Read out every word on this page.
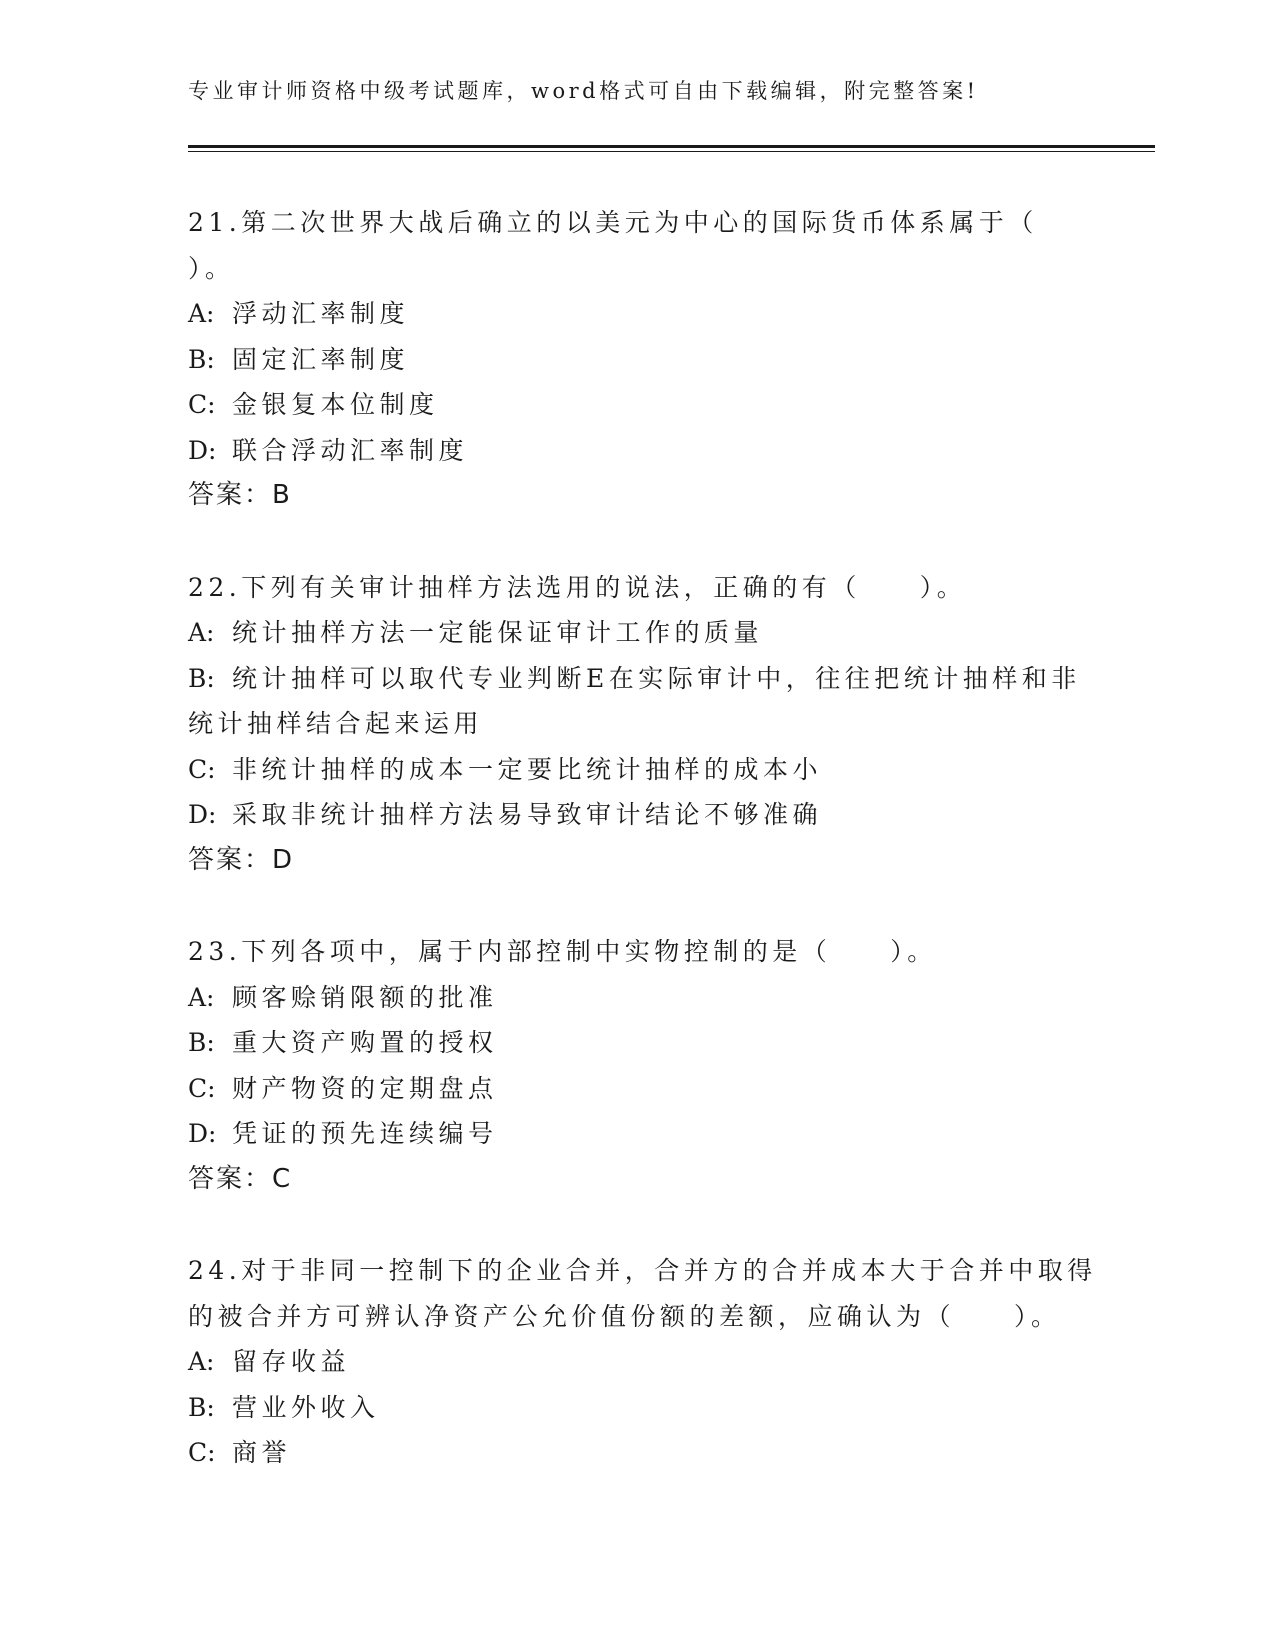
专业审计师资格中级考试题库，word格式可自由下载编辑，附完整答案!
21.第二次世界大战后确立的以美元为中心的国际货币体系属于（
）。
A: 浮动汇率制度
B: 固定汇率制度
C: 金银复本位制度
D: 联合浮动汇率制度
答案：B
22.下列有关审计抽样方法选用的说法，正确的有（　　）。
A: 统计抽样方法一定能保证审计工作的质量
B: 统计抽样可以取代专业判断E在实际审计中，往往把统计抽样和非
统计抽样结合起来运用
C: 非统计抽样的成本一定要比统计抽样的成本小
D: 采取非统计抽样方法易导致审计结论不够准确
答案：D
23.下列各项中，属于内部控制中实物控制的是（　　）。
A: 顾客赊销限额的批准
B: 重大资产购置的授权
C: 财产物资的定期盘点
D: 凭证的预先连续编号
答案：C
24.对于非同一控制下的企业合并，合并方的合并成本大于合并中取得
的被合并方可辨认净资产公允价值份额的差额，应确认为（　　）。
A: 留存收益
B: 营业外收入
C: 商誉
